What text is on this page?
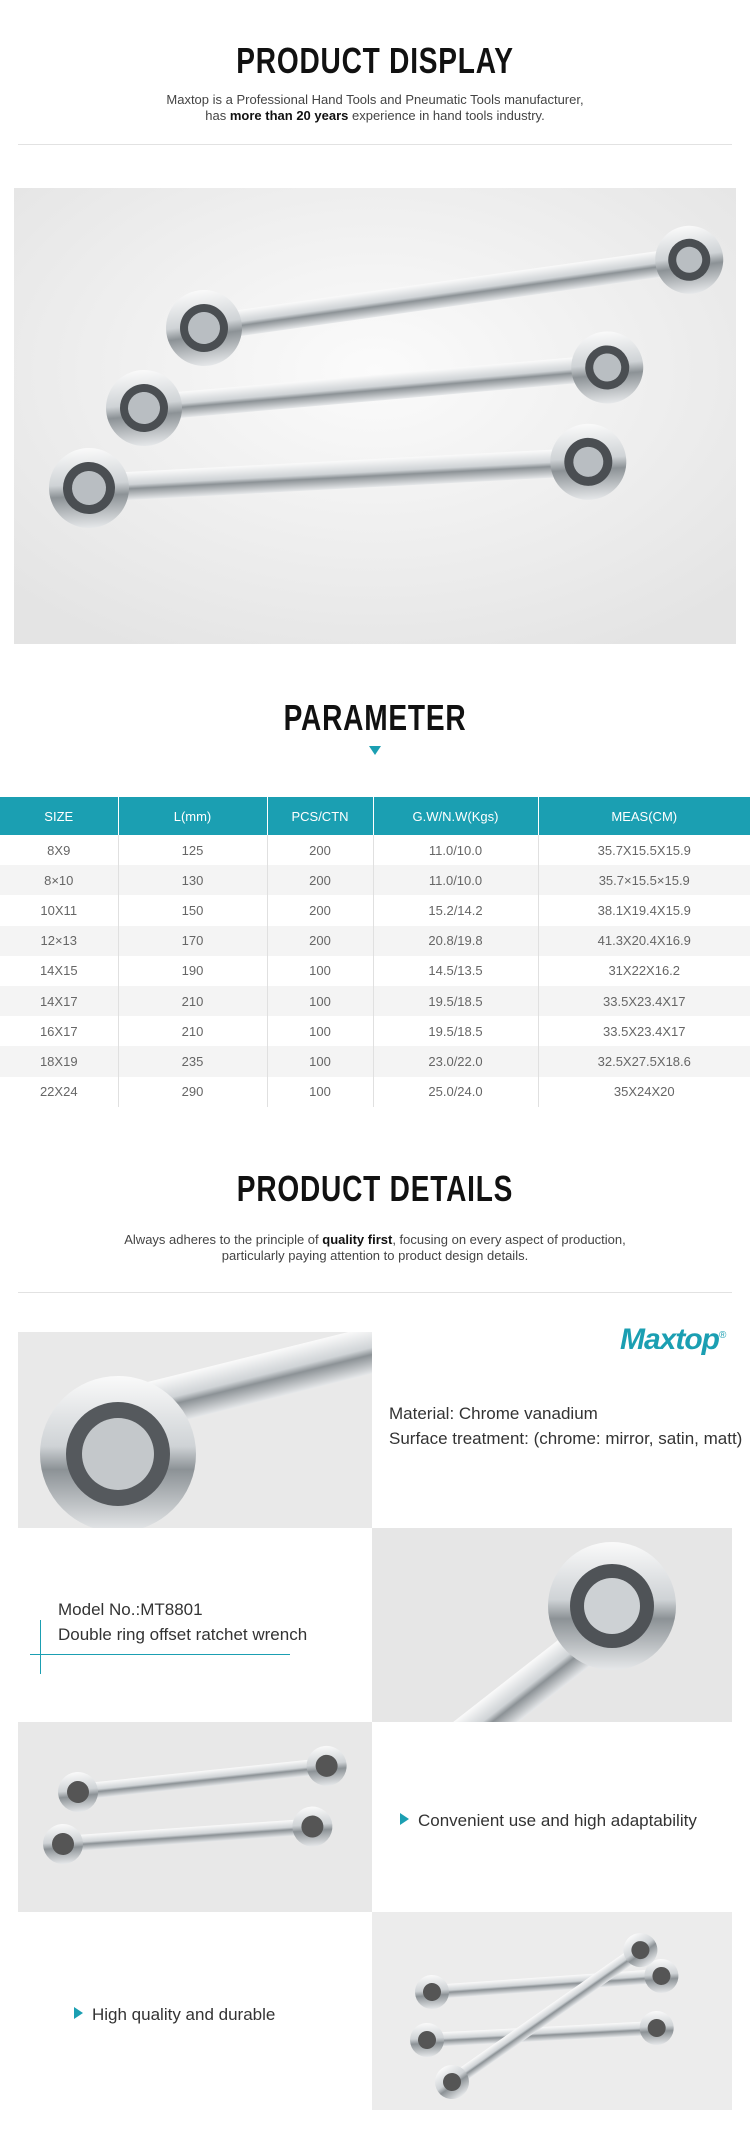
PRODUCT DISPLAY
Maxtop is a Professional Hand Tools and Pneumatic Tools manufacturer,
has more than 20 years experience in hand tools industry.
PARAMETER
SIZE	L(mm)	PCS/CTN	G.W/N.W(Kgs)	MEAS(CM)
8X9	125	200	11.0/10.0	35.7X15.5X15.9
8×10	130	200	11.0/10.0	35.7×15.5×15.9
10X11	150	200	15.2/14.2	38.1X19.4X15.9
12×13	170	200	20.8/19.8	41.3X20.4X16.9
14X15	190	100	14.5/13.5	31X22X16.2
14X17	210	100	19.5/18.5	33.5X23.4X17
16X17	210	100	19.5/18.5	33.5X23.4X17
18X19	235	100	23.0/22.0	32.5X27.5X18.6
22X24	290	100	25.0/24.0	35X24X20
PRODUCT DETAILS
Always adheres to the principle of quality first, focusing on every aspect of production,
particularly paying attention to product design details.
Maxtop®
Material: Chrome vanadium
Surface treatment: (chrome: mirror, satin, matt)
Model No.:MT8801
Double ring offset ratchet wrench
Convenient use and high adaptability
High quality and durable
